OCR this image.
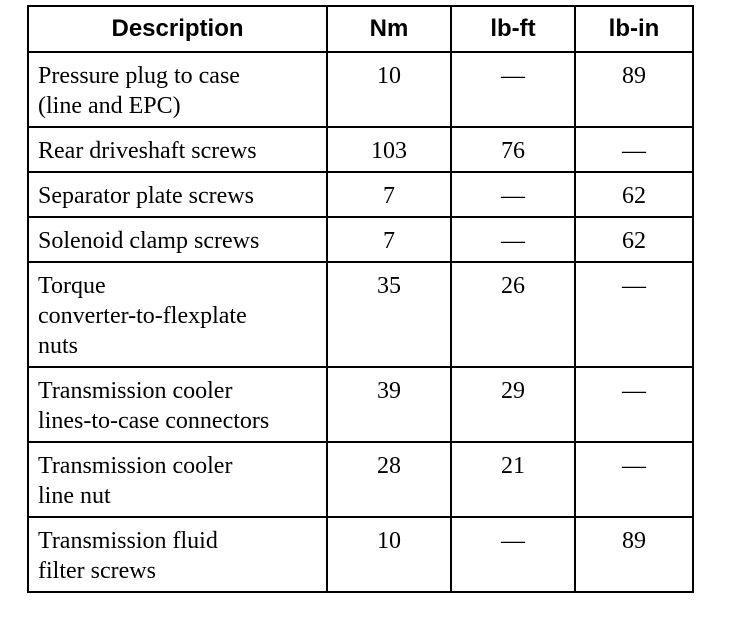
Description	Nm	lb-ft	lb-in

Pressure plug to case
(line and EPC)	10	—	89

Rear driveshaft screws	103	76	—

Separator plate screws	7	—	62

Solenoid clamp screws	7	—	62

Torque
converter-to-flexplate
nuts	35	26	—

Transmission cooler
lines-to-case connectors	39	29	—

Transmission cooler
line nut	28	21	—

Transmission fluid
filter screws	10	—	89
